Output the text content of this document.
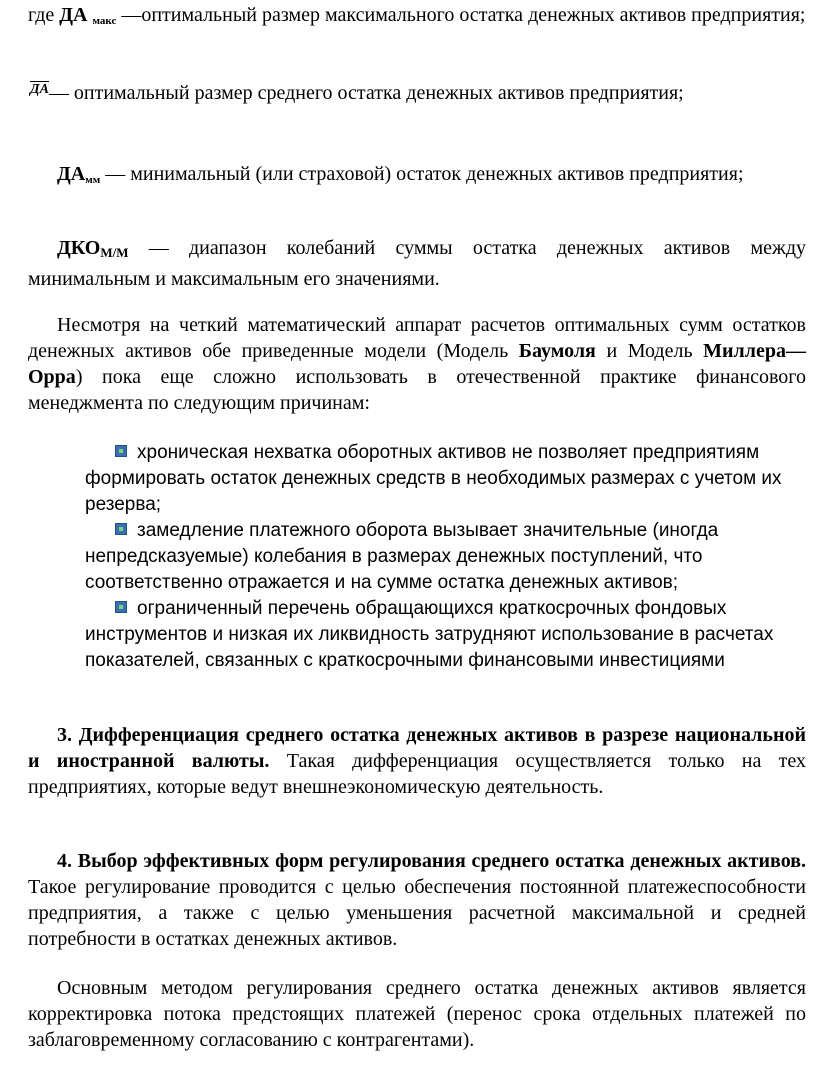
где ДА $_{макс}$ —оптимальный размер максимального остатка денежных активов предприятия;

ДА— оптимальный размер среднего остатка денежных активов предприятия;

$ДА_{мм}$ — минимальный (или страховой) остаток денежных активов предприятия;

ДКОМ/М — диапазон колебаний суммы остатка денежных активов между минимальным и максимальным его значениями.

Несмотря на четкий математический аппарат расчетов оптимальных сумм остатков денежных активов обе приведенные модели (Модель Баумоля и Модель Миллера—Орра) пока еще сложно использовать в отечественной практике финансового менеджмента по следующим причинам:

хроническая нехватка оборотных активов не позволяет предприятиям формировать остаток денежных средств в необходимых размерах с учетом их резерва;

замедление платежного оборота вызывает значительные (иногда непредсказуемые) колебания в размерах денежных поступлений, что соответственно отражается и на сумме остатка денежных активов;

ограниченный перечень обращающихся краткосрочных фондовых инструментов и низкая их ликвидность затрудняют использование в расчетах показателей, связанных с краткосрочными финансовыми инвестициями

3. Дифференциация среднего остатка денежных активов в разрезе национальной и иностранной валюты. Такая дифференциация осуществляется только на тех предприятиях, которые ведут внешнеэкономическую деятельность.

4. Выбор эффективных форм регулирования среднего остатка денежных активов. Такое регулирование проводится с целью обеспечения постоянной платежеспособности предприятия, а также с целью уменьшения расчетной максимальной и средней потребности в остатках денежных активов.

Основным методом регулирования среднего остатка денежных активов является корректировка потока предстоящих платежей (перенос срока отдельных платежей по заблаговременному согласованию с контрагентами).
